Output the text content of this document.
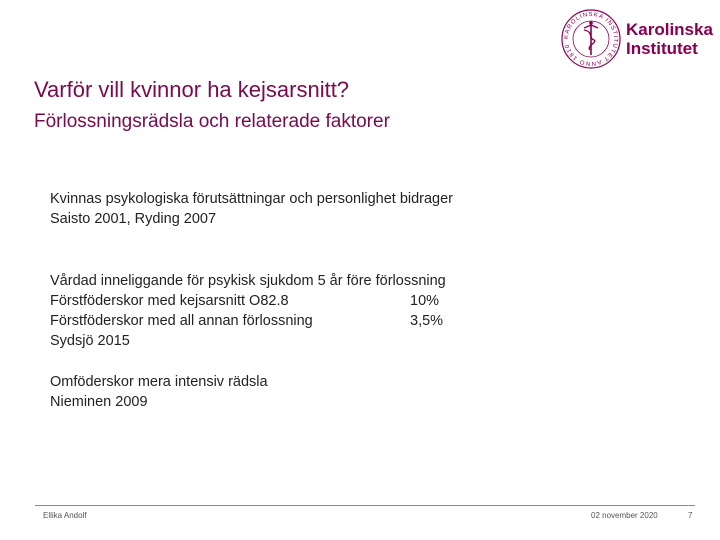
KAROLINSKA INSTITUTET ANNO 1810
Karolinska
Institutet
Varför vill kvinnor ha kejsarsnitt?
Förlossningsrädsla och relaterade faktorer
Kvinnas psykologiska förutsättningar och personlighet bidrager
Saisto 2001, Ryding 2007
Vårdad inneliggande för psykisk sjukdom 5 år före förlossning
Förstföderskor med kejsarsnitt O82.8	10%
Förstföderskor med all annan förlossning	3,5%
Sydsjö 2015
Omföderskor mera intensiv rädsla
Nieminen 2009
Ellika Andolf	02 november 2020	7
